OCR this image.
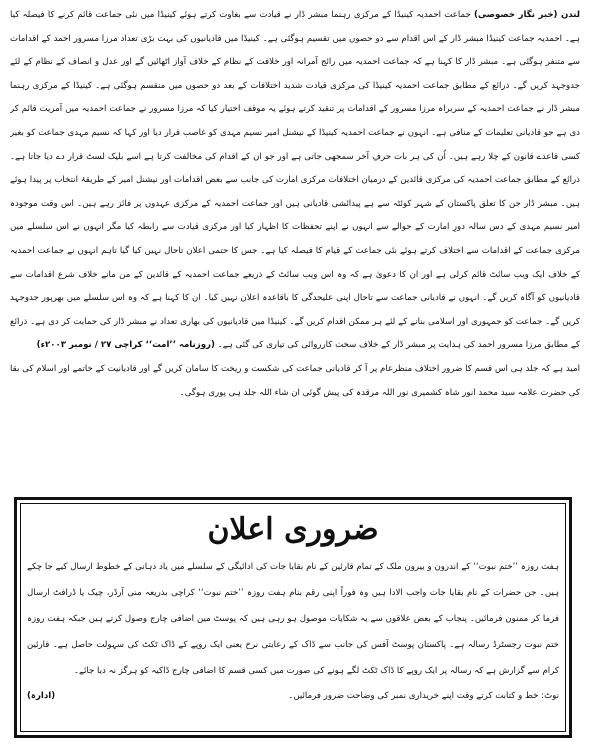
لندن (خبر نگار خصوصی) جماعت احمدیہ کینیڈا کے مرکزی رہنما مبشر ڈار نے قیادت سے بغاوت کرتے ہوئے کینیڈا میں نئی جماعت قائم کرنے کا فیصلہ کیا ہے۔ احمدیہ جماعت کینیڈا مبشر ڈار کے اس اقدام سے دو حصوں میں تقسیم ہوگئی ہے۔ کینیڈا میں قادیانیوں کی بہت بڑی تعداد مرزا مسرور احمد کے اقدامات سے متنفر ہوگئی ہے۔ مبشر ڈار کا کہنا ہے کہ جماعت احمدیہ میں رائج آمرانہ اور خلافت کے نظام کے خلاف آواز اٹھائیں گے اور عدل و انصاف کے نظام کے لئے جدوجہد کریں گے۔ ذرائع کے مطابق جماعت احمدیہ کینیڈا کی مرکزی قیادت شدید اختلافات کے بعد دو حصوں میں منقسم ہوگئی ہے۔ کینیڈا کے مرکزی رہنما مبشر ڈار نے جماعت احمدیہ کے سربراہ مرزا مسرور کے اقدامات پر تنقید کرتے ہوئے یہ موقف اختیار کیا کہ مرزا مسرور نے جماعت احمدیہ میں آمریت قائم کر دی ہے جو قادیانی تعلیمات کے منافی ہے۔ انہوں نے جماعت احمدیہ کینیڈا کے نیشنل امیر نسیم مہدی کو غاصب قرار دیا اور کہا کہ نسیم مہدی جماعت کو بغیر کسی قاعدے قانون کے چلا رہے ہیں۔ اُن کی ہر بات حرفِ آخر سمجھی جاتی ہے اور جو ان کے اقدام کی مخالفت کرتا ہے اسے بلیک لسٹ قرار دے دیا جاتا ہے۔ ذرائع کے مطابق جماعت احمدیہ کی مرکزی قائدین کے درمیان اختلافات مرکزی امارت کی جانب سے بعض اقدامات اور نیشنل امیر کے طریقۂ انتخاب پر پیدا ہوئے ہیں۔ مبشر ڈار جن کا تعلق پاکستان کے شہر کوئٹہ سے ہے پیدائشی قادیانی ہیں اور جماعت احمدیہ کے مرکزی عہدوں پر فائز رہے ہیں۔ اس وقت موجودہ امیر نسیم مہدی کے دس سالہ دورِ امارت کے حوالے سے انہوں نے اپنے تحفظات کا اظہار کیا اور مرکزی قیادت سے رابطہ کیا مگر انہوں نے اس سلسلے میں مرکزی جماعت کے اقدامات سے اختلاف کرتے ہوئے نئی جماعت کے قیام کا فیصلہ کیا ہے۔ جس کا حتمی اعلان تاحال نہیں کیا گیا تاہم انہوں نے جماعت احمدیہ کے خلاف ایک ویب سائٹ قائم کرلی ہے اور ان کا دعویٰ ہے کہ وہ اس ویب سائٹ کے ذریعے جماعت احمدیہ کے قائدین کے من مانے خلاف شرع اقدامات سے قادیانیوں کو آگاہ کریں گے۔ انہوں نے قادیانی جماعت سے تاحال اپنی علیحدگی کا باقاعدہ اعلان نہیں کیا۔ ان کا کہنا ہے کہ وہ اس سلسلے میں بھرپور جدوجہد کریں گے۔ جماعت کو جمہوری اور اسلامی بنانے کے لئے ہر ممکن اقدام کریں گے۔ کینیڈا میں قادیانیوں کی بھاری تعداد نے مبشر ڈار کی حمایت کر دی ہے۔ ذرائع کے مطابق مرزا مسرور احمد کی ہدایت پر مبشر ڈار کے خلاف سخت کارروائی کی تیاری کی گئی ہے۔ (روزنامہ ’’امت‘‘ کراچی ۲۷ / نومبر ۲۰۰۳ء)

امید ہے کہ جلد ہی اس قسم کا ضرور اختلاف منظرعام پر آ کر قادیانی جماعت کی شکست و ریخت کا سامان کریں گے اور قادیانیت کے خاتمے اور اسلام کی بقا کی حضرت علامہ سید محمد انور شاہ کشمیری نور اللہ مرقدہ کی پیش گوئی ان شاء اللہ جلد ہی پوری ہوگی۔

ضروری اعلان

ہفت روزہ ’’ختم نبوت‘‘ کے اندرون و بیرون ملک کے تمام قارئین کے نام بقایا جات کی ادائیگی کے سلسلے میں یاد دہانی کے خطوط ارسال کیے جا چکے ہیں۔ جن حضرات کے نام بقایا جات واجب الادا ہیں وہ فوراً اپنی رقم بنام ہفت روزہ ’’ختم نبوت‘‘ کراچی بذریعہ منی آرڈر، چیک یا ڈرافٹ ارسال فرما کر ممنون فرمائیں۔ پنجاب کے بعض علاقوں سے یہ شکایات موصول ہو رہی ہیں کہ پوسٹ مین اضافی چارج وصول کرتے ہیں جبکہ ہفت روزہ ختم نبوت رجسٹرڈ رسالہ ہے۔ پاکستان پوسٹ آفس کی جانب سے ڈاک کے رعایتی نرخ یعنی ایک روپے کے ڈاک ٹکٹ کی سہولت حاصل ہے۔ قارئین کرام سے گزارش ہے کہ رسالہ پر ایک روپے کا ڈاک ٹکٹ لگے ہونے کی صورت میں کسی قسم کا اضافی چارج ڈاکیہ کو ہرگز نہ دیا جائے۔

نوٹ: خط و کتابت کرتے وقت اپنے خریداری نمبر کی وضاحت ضرور فرمائیں۔
(ادارہ)
